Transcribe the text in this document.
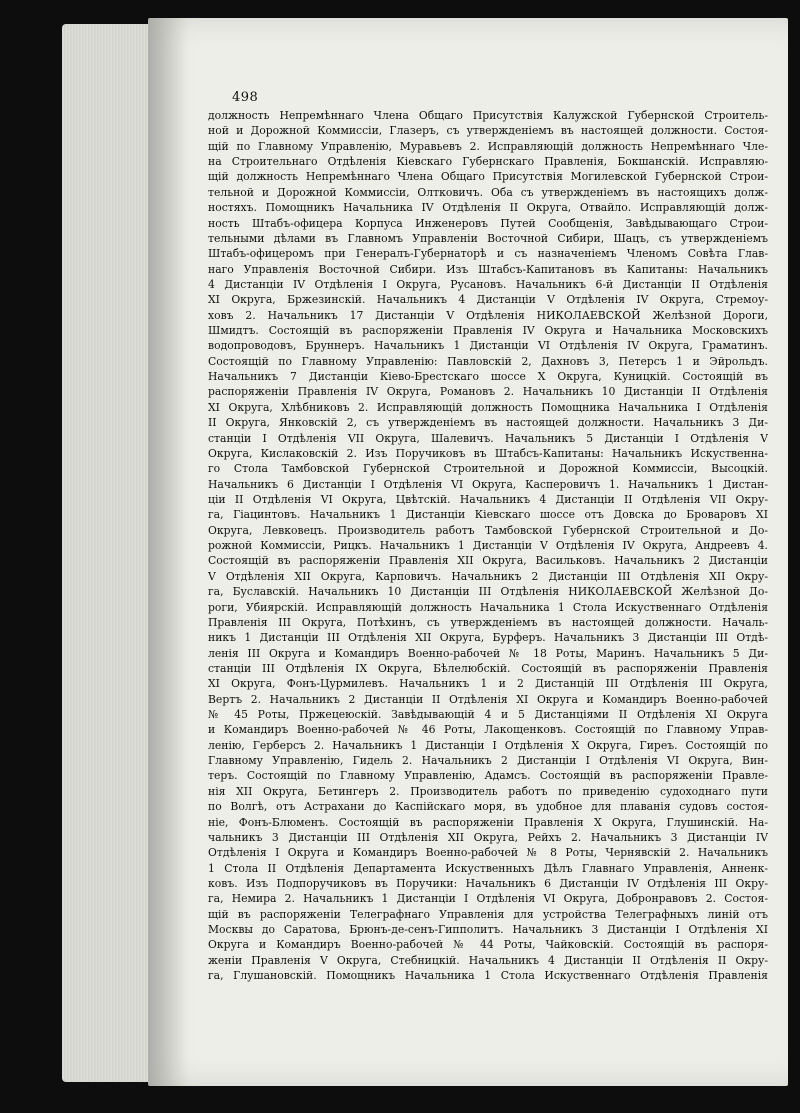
498
должность Непремѣннаго Члена Общаго Присутствія Калужской Губернской Строитель-
ной и Дорожной Коммиссіи, Глазеръ, съ утвержденіемъ въ настоящей должности. Состоя-
щій по Главному Управленію, Муравьевъ 2. Исправляющій должность Непремѣннаго Чле-
на Строительнаго Отдѣленія Кіевскаго Губернскаго Правленія, Бокшанскій. Исправляю-
щій должность Непремѣннаго Члена Общаго Присутствія Могилевской Губернской Строи-
тельной и Дорожной Коммиссіи, Олтковичъ. Оба съ утвержденіемъ въ настоящихъ долж-
ностяхъ. Помощникъ Начальника IV Отдѣленія II Округа, Отвайло. Исправляющій долж-
ность Штабъ-офицера Корпуса Инженеровъ Путей Сообщенія, Завѣдывающаго Строи-
тельными дѣлами въ Главномъ Управленіи Восточной Сибири, Шацъ, съ утвержденіемъ
Штабъ-офицеромъ при Генералъ-Губернаторѣ и съ назначеніемъ Членомъ Совѣта Глав-
наго Управленія Восточной Сибири. Изъ Штабсъ-Капитановъ въ Капитаны: Начальникъ
4 Дистанціи IV Отдѣленія I Округа, Русановъ. Начальникъ 6-й Дистанціи II Отдѣленія
XI Округа, Бржезинскій. Начальникъ 4 Дистанціи V Отдѣленія IV Округа, Стремоу-
ховъ 2. Начальникъ 17 Дистанціи V Отдѣленія НИКОЛАЕВСКОЙ Желѣзной Дороги,
Шмидтъ. Состоящій въ распоряженіи Правленія IV Округа и Начальника Московскихъ
водопроводовъ, Бруннеръ. Начальникъ 1 Дистанціи VI Отдѣленія IV Округа, Граматинъ.
Состоящій по Главному Управленію: Павловскій 2, Дахновъ 3, Петерсъ 1 и Эйрольдъ.
Начальникъ 7 Дистанціи Кіево-Брестскаго шоссе X Округа, Куницкій. Состоящій въ
распоряженіи Правленія IV Округа, Романовъ 2. Начальникъ 10 Дистанціи II Отдѣленія
XI Округа, Хлѣбниковъ 2. Исправляющій должность Помощника Начальника I Отдѣленія
II Округа, Янковскій 2, съ утвержденіемъ въ настоящей должности. Начальникъ 3 Ди-
станціи I Отдѣленія VII Округа, Шалевичъ. Начальникъ 5 Дистанціи I Отдѣленія V
Округа, Кислаковскій 2. Изъ Поручиковъ въ Штабсъ-Капитаны: Начальникъ Искуственна-
го Стола Тамбовской Губернской Строительной и Дорожной Коммиссіи, Высоцкій.
Начальникъ 6 Дистанціи I Отдѣленія VI Округа, Касперовичъ 1. Начальникъ 1 Дистан-
ціи II Отдѣленія VI Округа, Цвѣтскій. Начальникъ 4 Дистанціи II Отдѣленія VII Окру-
га, Гіацинтовъ. Начальникъ 1 Дистанціи Кіевскаго шоссе отъ Довска до Броваровъ XI
Округа, Левковецъ. Производитель работъ Тамбовской Губернской Строительной и До-
рожной Коммиссіи, Рицкъ. Начальникъ 1 Дистанціи V Отдѣленія IV Округа, Андреевъ 4.
Состоящій въ распоряженіи Правленія XII Округа, Васильковъ. Начальникъ 2 Дистанціи
V Отдѣленія XII Округа, Карповичъ. Начальникъ 2 Дистанціи III Отдѣленія XII Окру-
га, Буславскій. Начальникъ 10 Дистанціи III Отдѣленія НИКОЛАЕВСКОЙ Желѣзной До-
роги, Убиярскій. Исправляющій должность Начальника 1 Стола Искуственнаго Отдѣленія
Правленія III Округа, Потѣхинъ, съ утвержденіемъ въ настоящей должности. Началь-
никъ 1 Дистанціи III Отдѣленія XII Округа, Бурферъ. Начальникъ 3 Дистанціи III Отдѣ-
ленія III Округа и Командиръ Военно-рабочей № 18 Роты, Маринъ. Начальникъ 5 Ди-
станціи III Отдѣленія IX Округа, Бѣлелюбскій. Состоящій въ распоряженіи Правленія
XI Округа, Фонъ-Цурмилевъ. Начальникъ 1 и 2 Дистанцій III Отдѣленія III Округа,
Вертъ 2. Начальникъ 2 Дистанціи II Отдѣленія XI Округа и Командиръ Военно-рабочей
№ 45 Роты, Пржецеюскій. Завѣдывающій 4 и 5 Дистанціями II Отдѣленія XI Округа
и Командиръ Военно-рабочей № 46 Роты, Лакощенковъ. Состоящій по Главному Управ-
ленію, Герберсъ 2. Начальникъ 1 Дистанціи I Отдѣленія X Округа, Гиреъ. Состоящій по
Главному Управленію, Гидель 2. Начальникъ 2 Дистанціи I Отдѣленія VI Округа, Вин-
теръ. Состоящій по Главному Управленію, Адамсъ. Состоящій въ распоряженіи Правле-
нія XII Округа, Бетингеръ 2. Производитель работъ по приведенію судоходнаго пути
по Волгѣ, отъ Астрахани до Каспійскаго моря, въ удобное для плаванія судовъ состоя-
ніе, Фонъ-Блюменъ. Состоящій въ распоряженіи Правленія X Округа, Глушинскій. На-
чальникъ 3 Дистанціи III Отдѣленія XII Округа, Рейхъ 2. Начальникъ 3 Дистанціи IV
Отдѣленія I Округа и Командиръ Военно-рабочей № 8 Роты, Чернявскій 2. Начальникъ
1 Стола II Отдѣленія Департамента Искуственныхъ Дѣлъ Главнаго Управленія, Анненк-
ковъ. Изъ Подпоручиковъ въ Поручики: Начальникъ 6 Дистанціи IV Отдѣленія III Окру-
га, Немира 2. Начальникъ 1 Дистанціи I Отдѣленія VI Округа, Добронравовъ 2. Состоя-
щій въ распоряженіи Телеграфнаго Управленія для устройства Телеграфныхъ линій отъ
Москвы до Саратова, Брюнъ-де-сенъ-Гипполитъ. Начальникъ 3 Дистанціи I Отдѣленія XI
Округа и Командиръ Военно-рабочей № 44 Роты, Чайковскій. Состоящій въ распоря-
женіи Правленія V Округа, Стебницкій. Начальникъ 4 Дистанціи II Отдѣленія II Окру-
га, Глушановскій. Помощникъ Начальника 1 Стола Искуственнаго Отдѣленія Правленія
